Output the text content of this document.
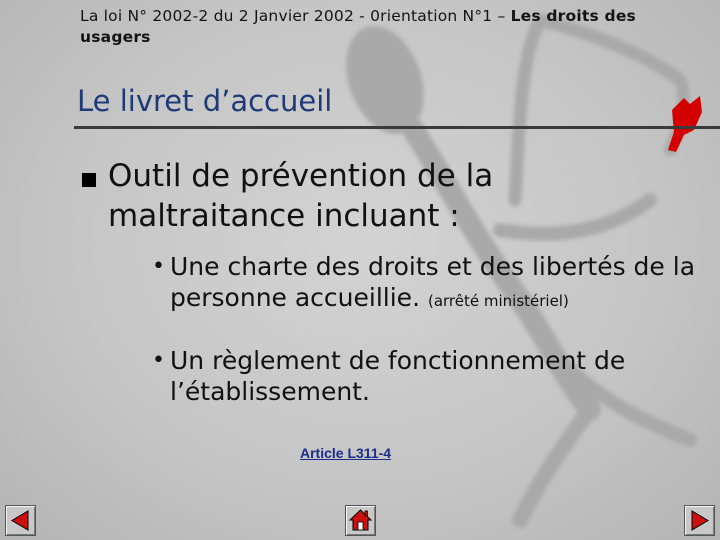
La loi N° 2002-2 du 2 Janvier 2002 - 0rientation N°1 – Les droits des
usagers
Le livret d’accueil
Outil de prévention de la maltraitance incluant :
• Une charte des droits et des libertés de la personne accueillie. (arrêté ministériel)
• Un règlement de fonctionnement de l’établissement.
Article L311-4
